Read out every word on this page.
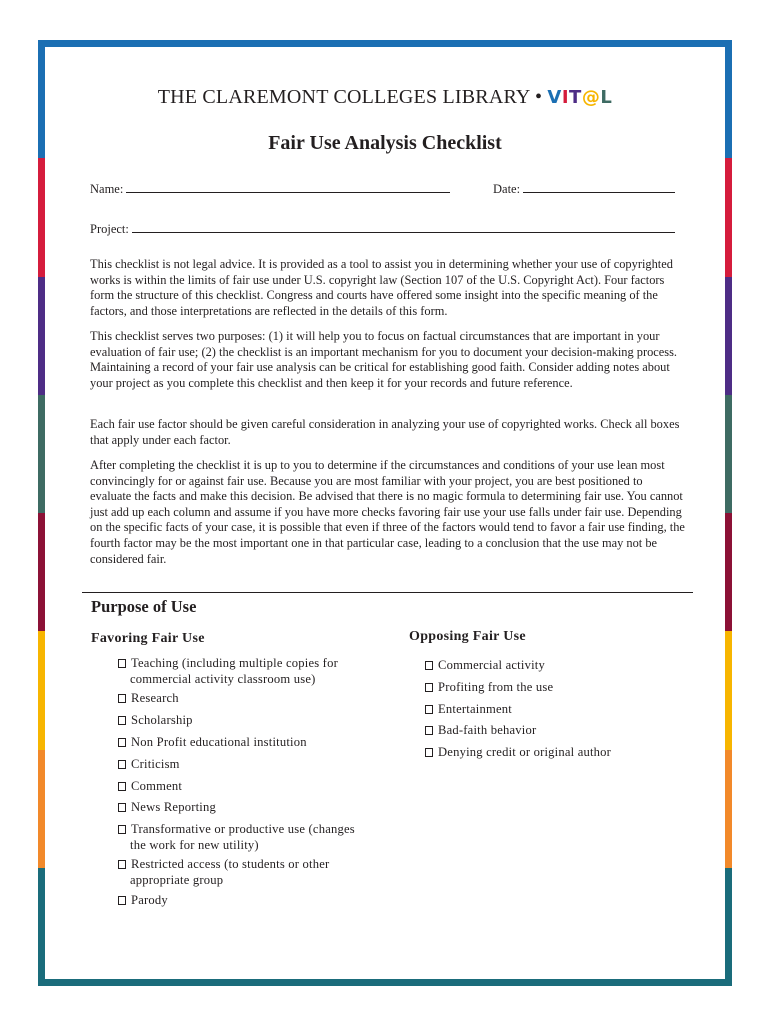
THE CLAREMONT COLLEGES LIBRARY • VIT@L
Fair Use Analysis Checklist
Name:	Date:
Project:

This checklist is not legal advice. It is provided as a tool to assist you in determining whether your use of copyrighted works is within the limits of fair use under U.S. copyright law (Section 107 of the U.S. Copyright Act). Four factors form the structure of this checklist. Congress and courts have offered some insight into the specific meaning of the factors, and those interpretations are reflected in the details of this form.

This checklist serves two purposes: (1) it will help you to focus on factual circumstances that are important in your evaluation of fair use; (2) the checklist is an important mechanism for you to document your decision-making process. Maintaining a record of your fair use analysis can be critical for establishing good faith. Consider adding notes about your project as you complete this checklist and then keep it for your records and future reference.

Each fair use factor should be given careful consideration in analyzing your use of copyrighted works. Check all boxes that apply under each factor.

After completing the checklist it is up to you to determine if the circumstances and conditions of your use lean most convincingly for or against fair use. Because you are most familiar with your project, you are best positioned to evaluate the facts and make this decision. Be advised that there is no magic formula to determining fair use. You cannot just add up each column and assume if you have more checks favoring fair use your use falls under fair use. Depending on the specific facts of your case, it is possible that even if three of the factors would tend to favor a fair use finding, the fourth factor may be the most important one in that particular case, leading to a conclusion that the use may not be considered fair.

Purpose of Use
Favoring Fair Use	Opposing Fair Use
Teaching (including multiple copies for
commercial activity classroom use)
Research
Scholarship
Non Profit educational institution
Criticism
Comment
News Reporting
Transformative or productive use (changes
the work for new utility)
Restricted access (to students or other
appropriate group
Parody
Commercial activity
Profiting from the use
Entertainment
Bad-faith behavior
Denying credit or original author
